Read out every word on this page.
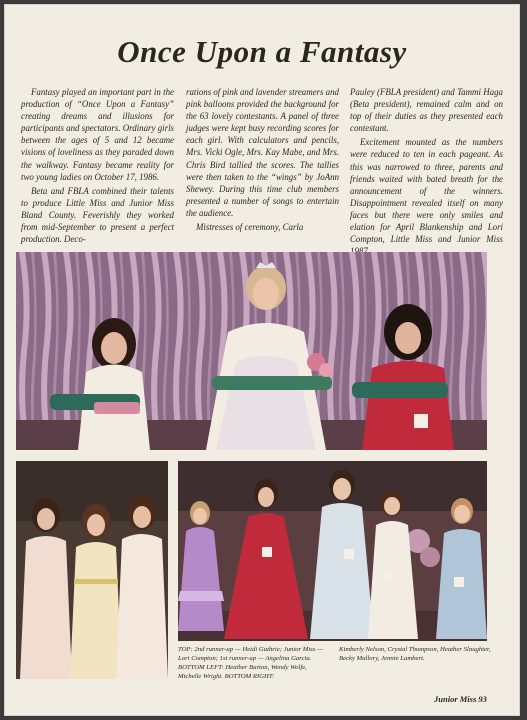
Once Upon a Fantasy

Fantasy played an important part in the production of “Once Upon a Fantasy” creating dreams and illusions for participants and spectators. Ordinary girls between the ages of 5 and 12 became visions of loveliness as they paraded down the walkway. Fantasy became reality for two young ladies on October 17, 1986.

Beta and FBLA combined their talents to produce Little Miss and Junior Miss Bland County. Feverishly they worked from mid-September to present a perfect production. Deco-

rations of pink and lavender streamers and pink balloons provided the background for the 63 lovely contestants. A panel of three judges were kept busy recording scores for each girl. With calculators and pencils, Mrs. Vicki Ogle, Mrs. Kay Mabe, and Mrs. Chris Bird tallied the scores. The tallies were then taken to the “wings” by JoAnn Shewey. During this time club members presented a number of songs to entertain the audience.

Mistresses of ceremony, Carla

Pauley (FBLA president) and Tammi Haga (Beta president), remained calm and on top of their duties as they presented each contestant.

Excitement mounted as the numbers were reduced to ten in each pageant. As this was narrowed to three, parents and friends waited with bated breath for the announcement of the winners. Disappointment revealed itself on many faces but there were only smiles and elation for April Blankenship and Lori Compton, Little Miss and Junior Miss

TOP: 2nd runner-up — Heidi Guthrie; Junior Miss — Lori Compton; 1st runner-up — Angelina Garcia. BOTTOM LEFT: Heather Burton, Wendy Wolfe, Michelle Wright. BOTTOM RIGHT:
Kimberly Nelson, Crystal Thompson, Heather Slaughter, Becky Mallory, Jennie Lambert.
Junior Miss 93
